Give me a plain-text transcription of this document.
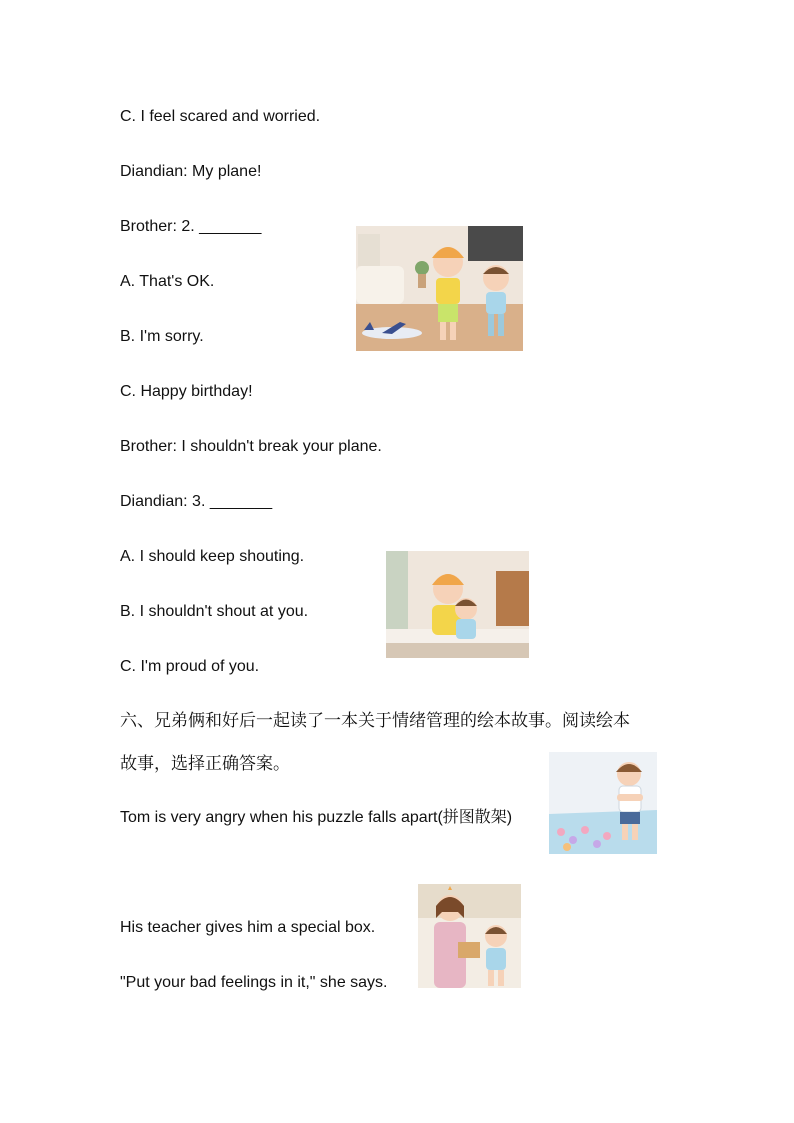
C. I feel scared and worried.
Diandian: My plane!
Brother: 2. _______
A. That's OK.
B. I'm sorry.
C. Happy birthday!
Brother: I shouldn't break your plane.
Diandian: 3. _______
A. I should keep shouting.
B. I shouldn't shout at you.
C. I'm proud of you.
六、兄弟俩和好后一起读了一本关于情绪管理的绘本故事。阅读绘本
故事，选择正确答案。
Tom is very angry when his puzzle falls apart(拼图散架)
His teacher gives him a special box.
"Put your bad feelings in it," she says.
